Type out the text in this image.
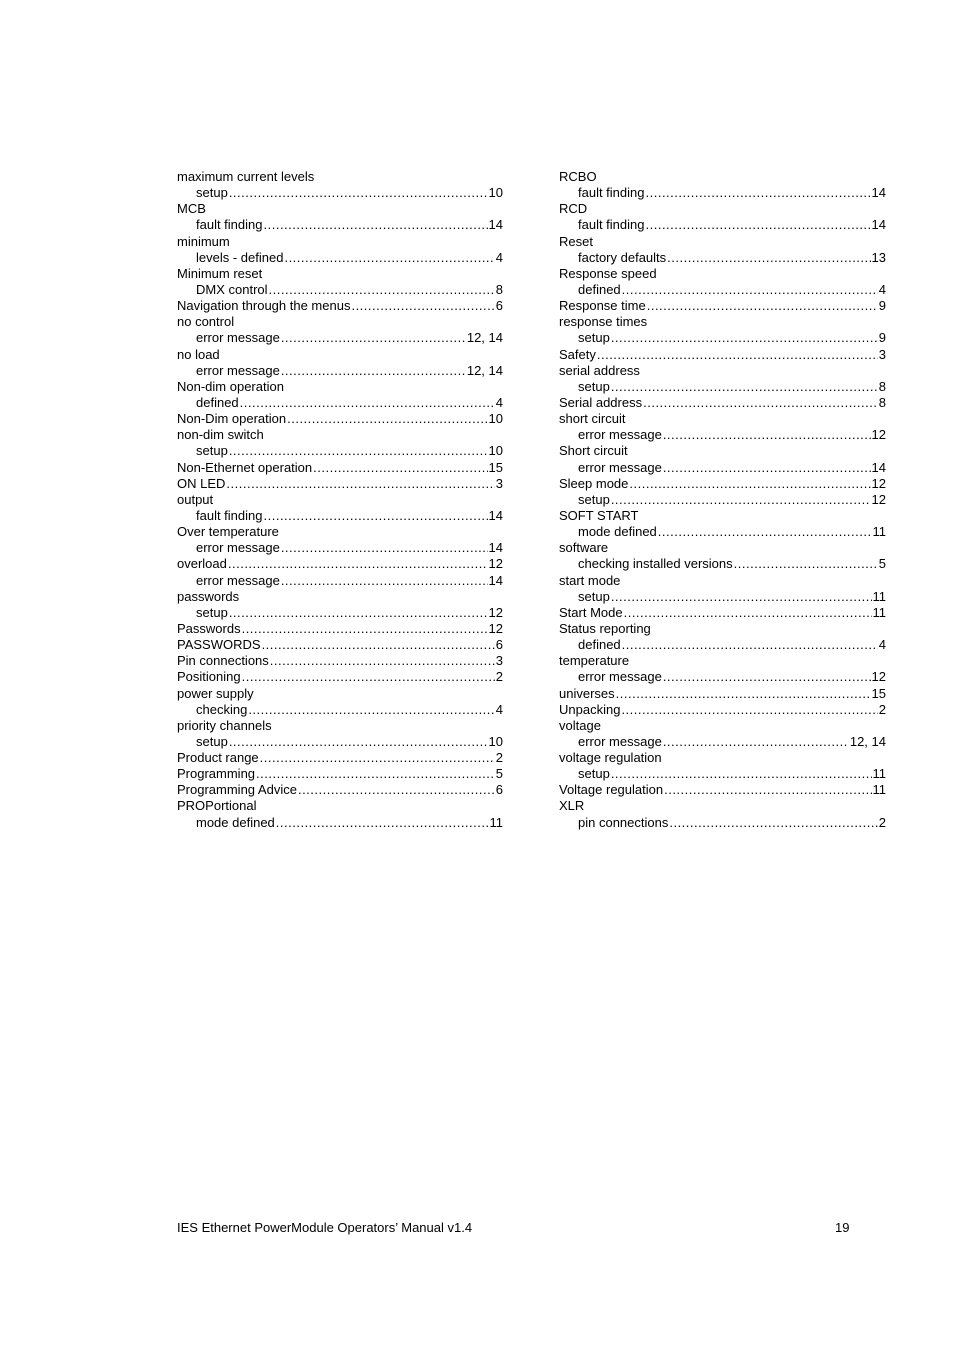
maximum current levels
setup .....	10
MCB
fault finding .....	14
minimum
levels - defined .....	4
Minimum reset
DMX control .....	8
Navigation through the menus .....	6
no control
error message .....	12, 14
no load
error message .....	12, 14
Non-dim operation
defined .....	4
Non-Dim operation .....	10
non-dim switch
setup .....	10
Non-Ethernet operation .....	15
ON LED .....	3
output
fault finding .....	14
Over temperature
error message .....	14
overload .....	12
error message .....	14
passwords
setup .....	12
Passwords .....	12
PASSWORDS .....	6
Pin connections .....	3
Positioning .....	2
power supply
checking .....	4
priority channels
setup .....	10
Product range .....	2
Programming .....	5
Programming Advice .....	6
PROPortional
mode defined .....	11
RCBO
fault finding .....	14
RCD
fault finding .....	14
Reset
factory defaults .....	13
Response speed
defined .....	4
Response time .....	9
response times
setup .....	9
Safety .....	3
serial address
setup .....	8
Serial address .....	8
short circuit
error message .....	12
Short circuit
error message .....	14
Sleep mode .....	12
setup .....	12
SOFT START
mode defined .....	11
software
checking installed versions .....	5
start mode
setup .....	11
Start Mode .....	11
Status reporting
defined .....	4
temperature
error message .....	12
universes .....	15
Unpacking .....	2
voltage
error message .....	12, 14
voltage regulation
setup .....	11
Voltage regulation .....	11
XLR
pin connections .....	2
IES Ethernet PowerModule Operators’ Manual v1.4	19
